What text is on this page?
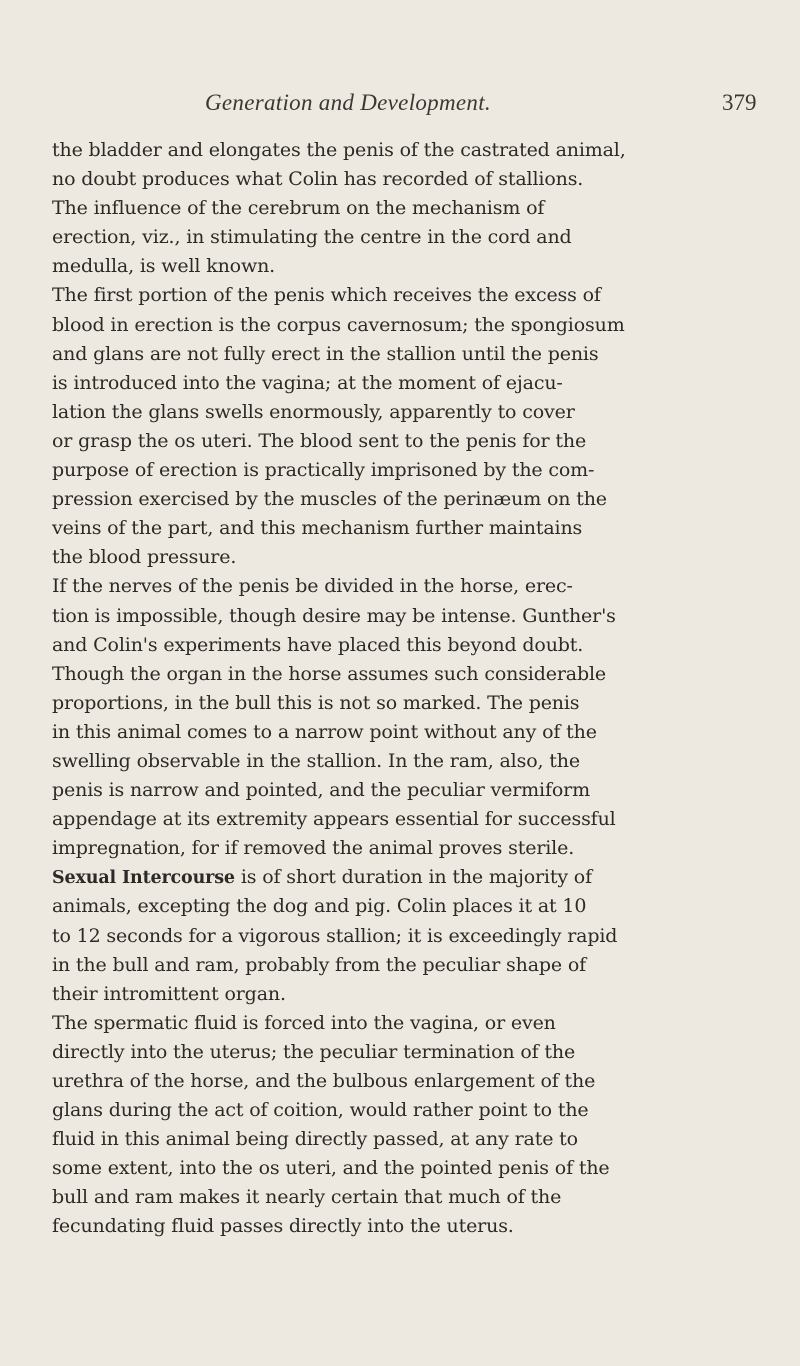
Generation and Development.	379
the bladder and elongates the penis of the castrated animal,
no doubt produces what Colin has recorded of stallions.
The influence of the cerebrum on the mechanism of
erection, viz., in stimulating the centre in the cord and
medulla, is well known.
The first portion of the penis which receives the excess of
blood in erection is the corpus cavernosum; the spongiosum
and glans are not fully erect in the stallion until the penis
is introduced into the vagina; at the moment of ejacu-
lation the glans swells enormously, apparently to cover
or grasp the os uteri. The blood sent to the penis for the
purpose of erection is practically imprisoned by the com-
pression exercised by the muscles of the perinæum on the
veins of the part, and this mechanism further maintains
the blood pressure.
If the nerves of the penis be divided in the horse, erec-
tion is impossible, though desire may be intense. Gunther's
and Colin's experiments have placed this beyond doubt.
Though the organ in the horse assumes such considerable
proportions, in the bull this is not so marked. The penis
in this animal comes to a narrow point without any of the
swelling observable in the stallion. In the ram, also, the
penis is narrow and pointed, and the peculiar vermiform
appendage at its extremity appears essential for successful
impregnation, for if removed the animal proves sterile.
Sexual Intercourse is of short duration in the majority of
animals, excepting the dog and pig. Colin places it at 10
to 12 seconds for a vigorous stallion; it is exceedingly rapid
in the bull and ram, probably from the peculiar shape of
their intromittent organ.
The spermatic fluid is forced into the vagina, or even
directly into the uterus; the peculiar termination of the
urethra of the horse, and the bulbous enlargement of the
glans during the act of coition, would rather point to the
fluid in this animal being directly passed, at any rate to
some extent, into the os uteri, and the pointed penis of the
bull and ram makes it nearly certain that much of the
fecundating fluid passes directly into the uterus.
